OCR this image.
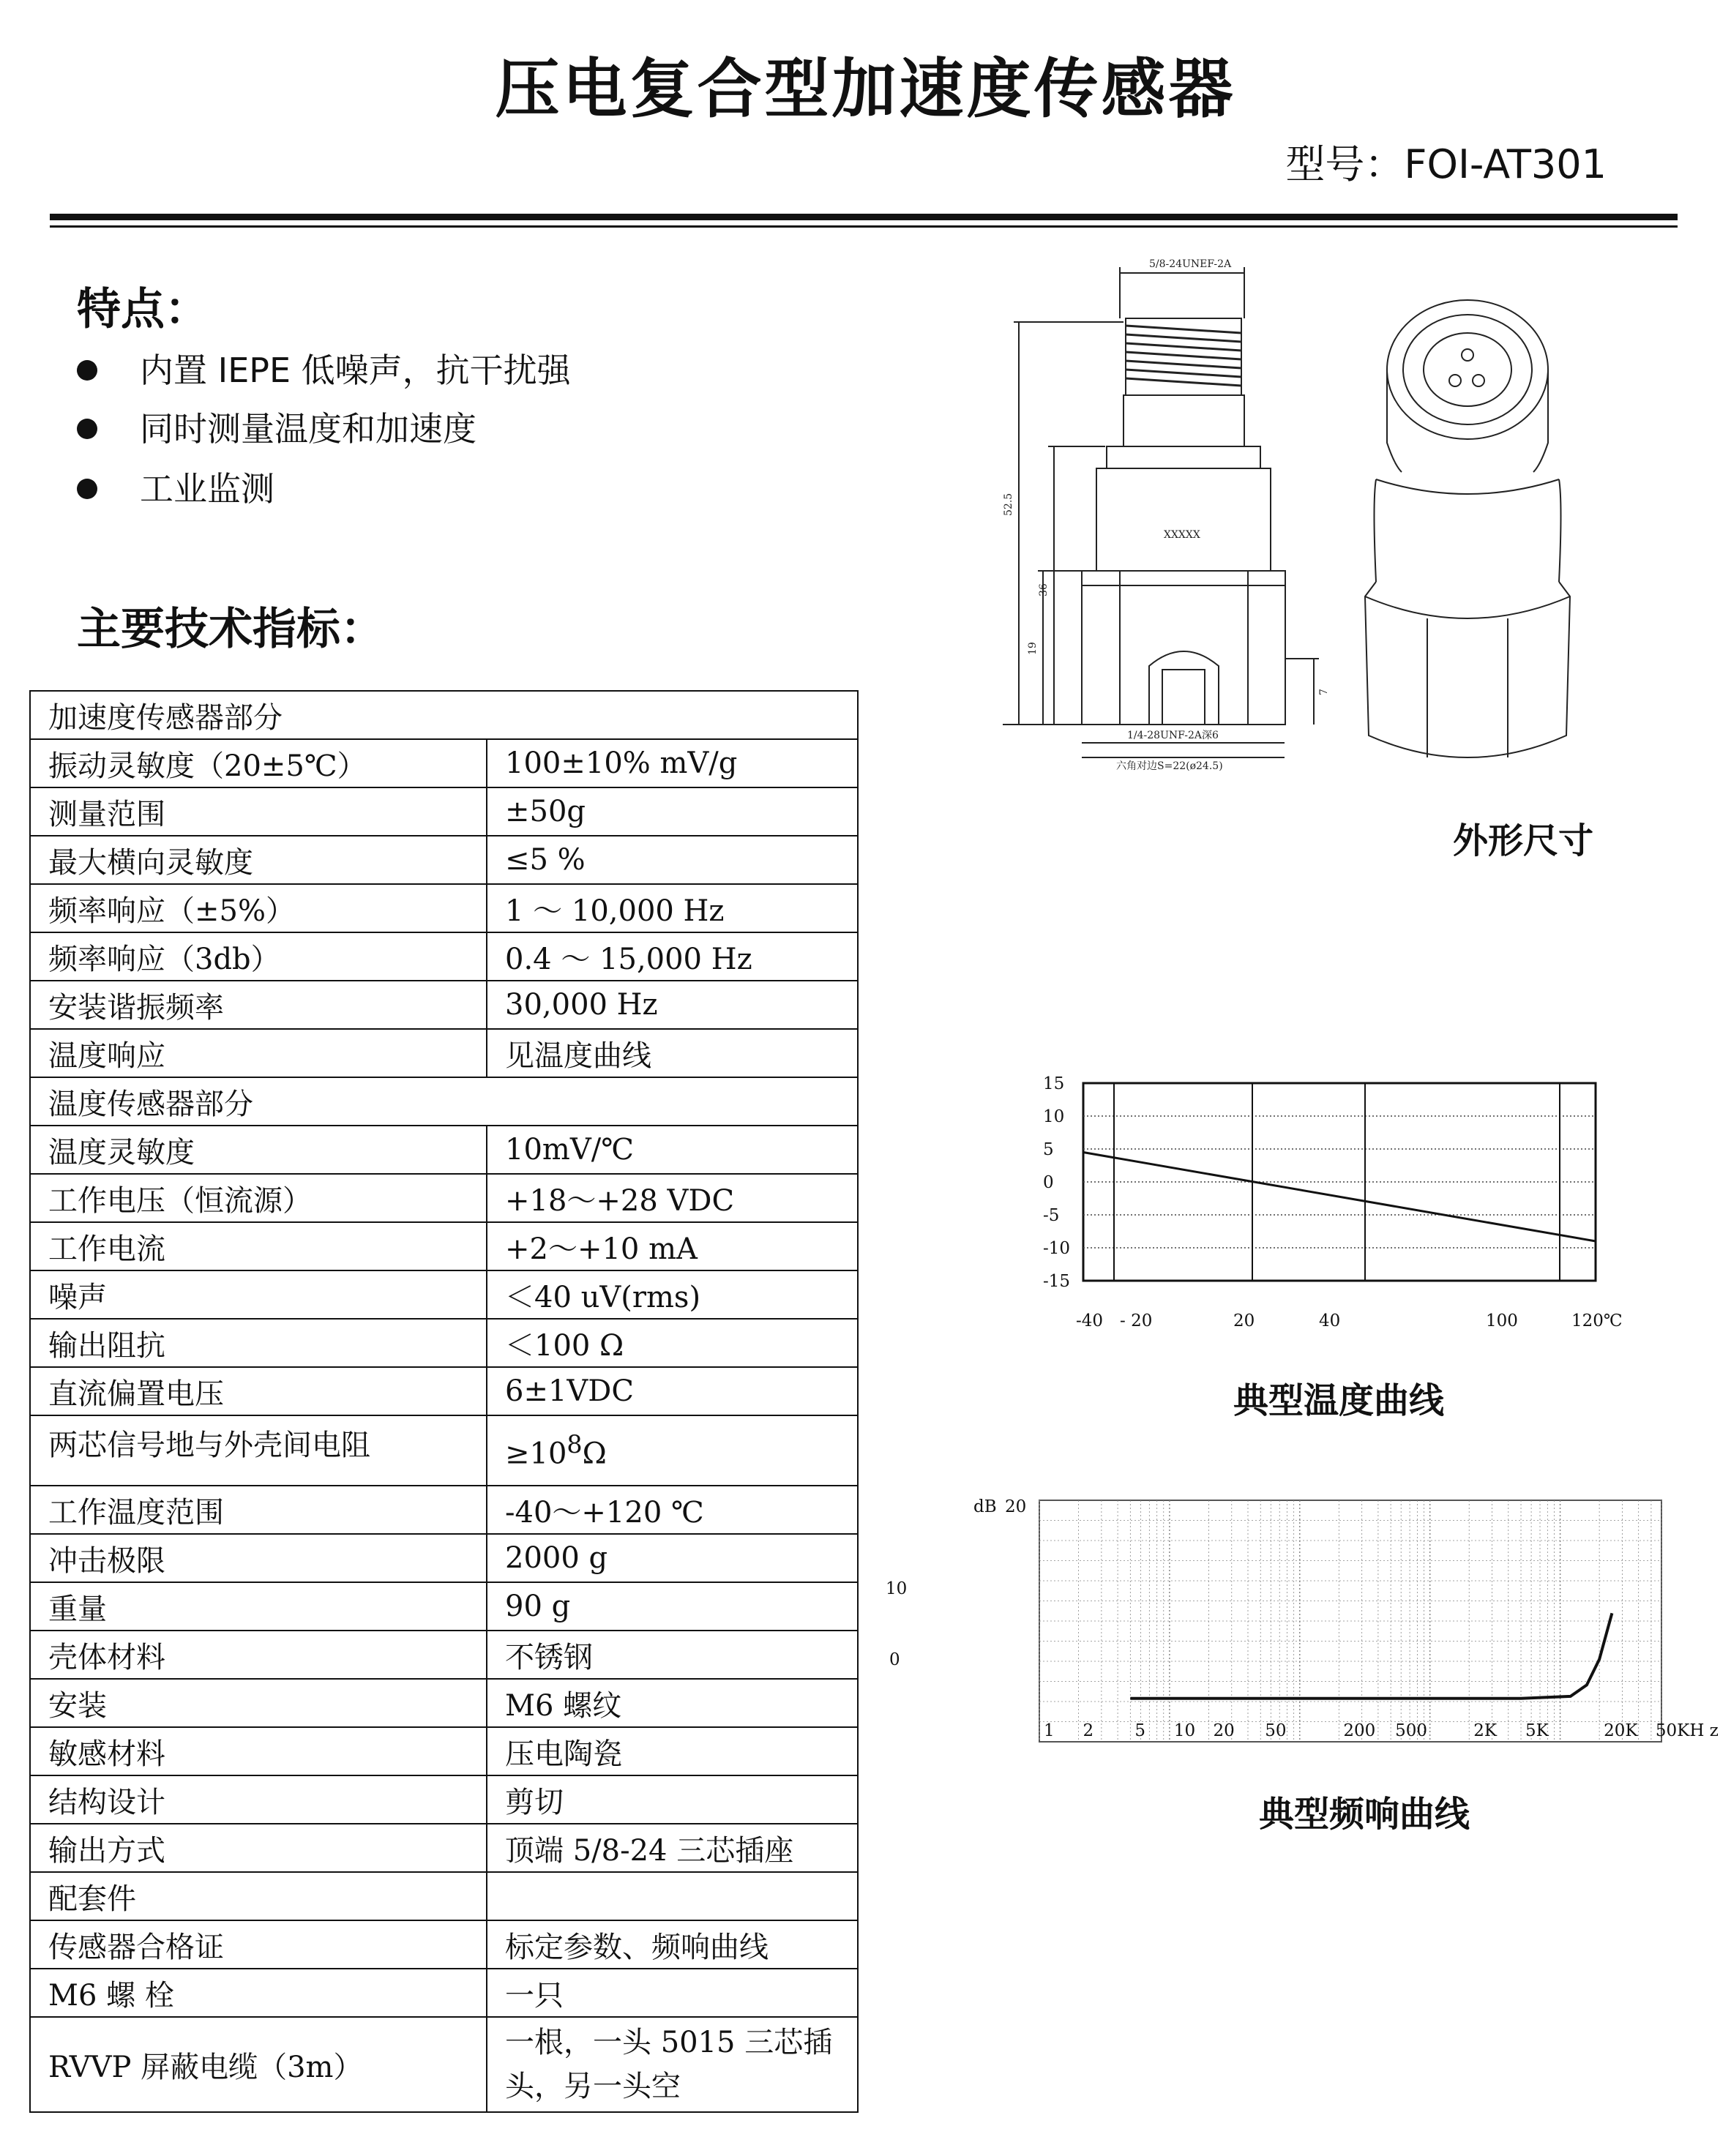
压电复合型加速度传感器
型号：FOI-AT301
特点：
内置 IEPE 低噪声，抗干扰强
同时测量温度和加速度
工业监测
主要技术指标：
加速度传感器部分	
振动灵敏度（20±5℃）	100±10% mV/g
测量范围	±50g
最大横向灵敏度	≤5 %
频率响应（±5%）	1 ～ 10,000 Hz
频率响应（3db）	0.4 ～ 15,000 Hz
安装谐振频率	30,000 Hz
温度响应	见温度曲线
温度传感器部分	
温度灵敏度	10mV/℃
工作电压（恒流源）	+18～+28 VDC
工作电流	+2～+10 mA
噪声	＜40 uV(rms)
输出阻抗	＜100 Ω
直流偏置电压	6±1VDC
两芯信号地与外壳间电阻	$\ge 10^8\Omega$
工作温度范围	-40～+120 ℃
冲击极限	2000 g
重量	90 g
壳体材料	不锈钢
安装	M6 螺纹
敏感材料	压电陶瓷
结构设计	剪切
输出方式	顶端 5/8-24 三芯插座
配套件	
传感器合格证	标定参数、频响曲线
M6 螺 栓	一只
RVVP 屏蔽电缆（3m）	一根，一头 5015 三芯插头，另一头空
5/8-24UNEF-2A
XXXXX
1/4-28UNF-2A深6
六角对边S=22(ø24.5)
52.5
36
19
7
外形尺寸
15
10
5
0
-5
-10
-15
-40 - 20	20	40	100	120℃
典型温度曲线
dB 20
10
0
1 2 5 10 20 50	200 500	2K 5K	20K 50KH z
典型频响曲线
